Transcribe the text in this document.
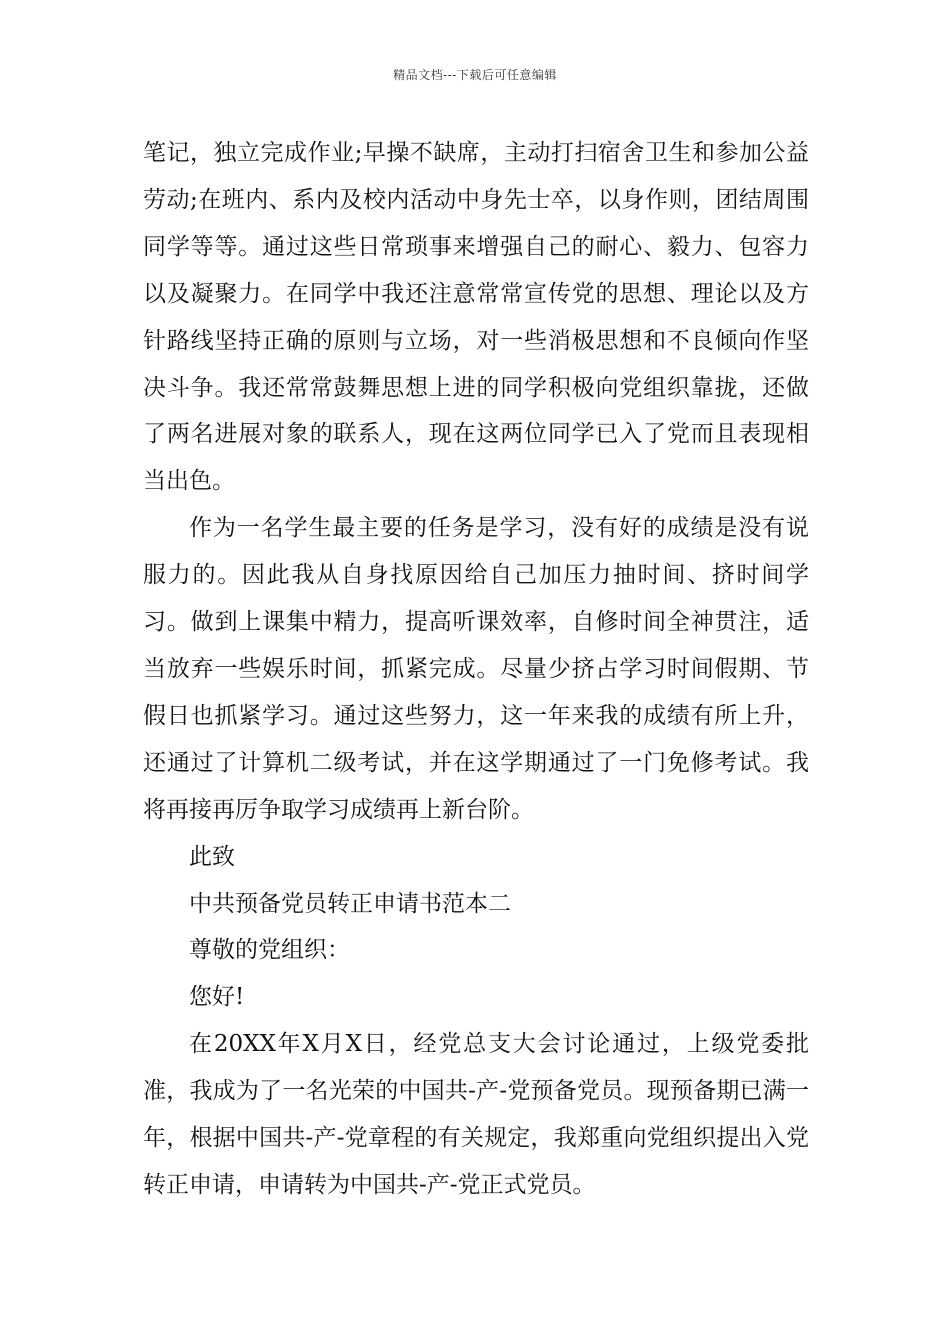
精品文档---下载后可任意编辑

笔记，独立完成作业;早操不缺席，主动打扫宿舍卫生和参加公益劳动;在班内、系内及校内活动中身先士卒，以身作则，团结周围同学等等。通过这些日常琐事来增强自己的耐心、毅力、包容力以及凝聚力。在同学中我还注意常常宣传党的思想、理论以及方针路线坚持正确的原则与立场，对一些消极思想和不良倾向作坚决斗争。我还常常鼓舞思想上进的同学积极向党组织靠拢，还做了两名进展对象的联系人，现在这两位同学已入了党而且表现相当出色。

作为一名学生最主要的任务是学习，没有好的成绩是没有说服力的。因此我从自身找原因给自己加压力抽时间、挤时间学习。做到上课集中精力，提高听课效率，自修时间全神贯注，适当放弃一些娱乐时间，抓紧完成。尽量少挤占学习时间假期、节假日也抓紧学习。通过这些努力，这一年来我的成绩有所上升，还通过了计算机二级考试，并在这学期通过了一门免修考试。我将再接再厉争取学习成绩再上新台阶。

此致

中共预备党员转正申请书范本二

尊敬的党组织：

您好!

在20XX年X月X日，经党总支大会讨论通过，上级党委批准，我成为了一名光荣的中国共-产-党预备党员。现预备期已满一年，根据中国共-产-党章程的有关规定，我郑重向党组织提出入党转正申请，申请转为中国共-产-党正式党员。
